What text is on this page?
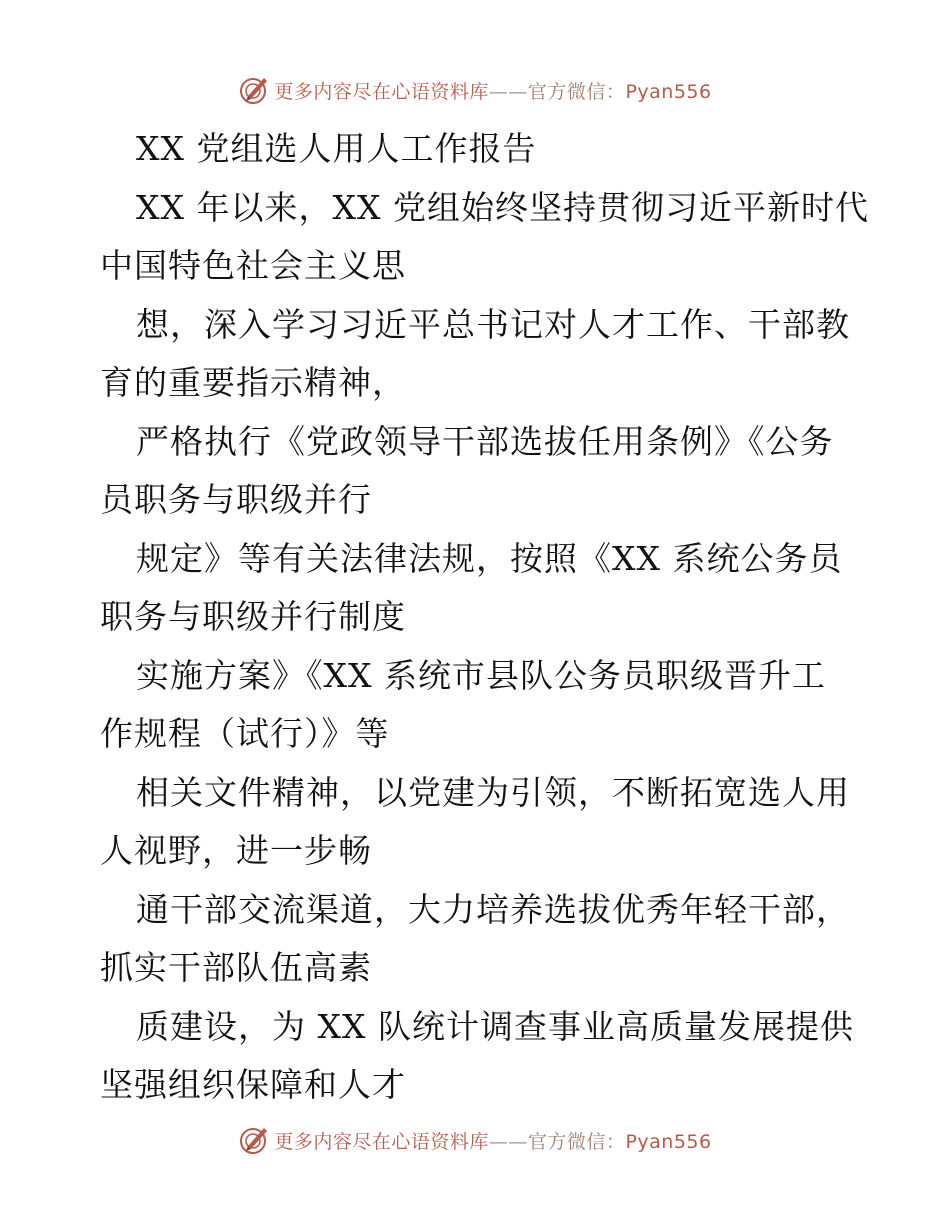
更多内容尽在心语资料库——官方微信：Pyan556
XX 党组选人用人工作报告
XX 年以来，XX 党组始终坚持贯彻习近平新时代
中国特色社会主义思
想，深入学习习近平总书记对人才工作、干部教
育的重要指示精神，
严格执行《党政领导干部选拔任用条例》《公务
员职务与职级并行
规定》等有关法律法规，按照《XX 系统公务员
职务与职级并行制度
实施方案》《XX 系统市县队公务员职级晋升工
作规程（试行）》等
相关文件精神，以党建为引领，不断拓宽选人用
人视野，进一步畅
通干部交流渠道，大力培养选拔优秀年轻干部，
抓实干部队伍高素
质建设，为 XX 队统计调查事业高质量发展提供
坚强组织保障和人才
更多内容尽在心语资料库——官方微信：Pyan556
